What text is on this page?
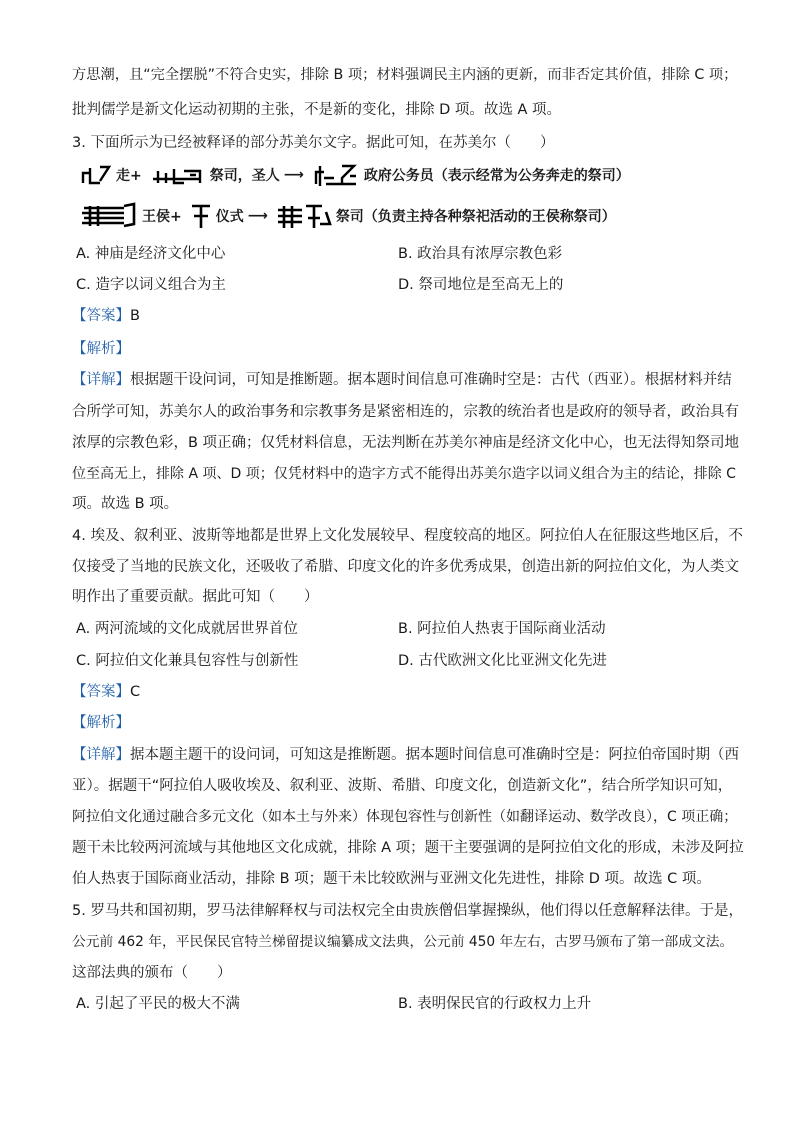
方思潮，且“完全摆脱”不符合史实，排除 B 项；材料强调民主内涵的更新，而非否定其价值，排除 C 项；
批判儒学是新文化运动初期的主张，不是新的变化，排除 D 项。故选 A 项。
3. 下面所示为已经被释译的部分苏美尔文字。据此可知，在苏美尔（　　）
走+	祭司，圣人 ⟶	政府公务员（表示经常为公务奔走的祭司）
王侯+ 仪式 ⟶	祭司（负责主持各种祭祀活动的王侯称祭司）
A. 神庙是经济文化中心	B. 政治具有浓厚宗教色彩
C. 造字以词义组合为主	D. 祭司地位是至高无上的
【答案】B
【解析】
【详解】根据题干设问词，可知是推断题。据本题时间信息可准确时空是：古代（西亚）。根据材料并结
合所学可知，苏美尔人的政治事务和宗教事务是紧密相连的，宗教的统治者也是政府的领导者，政治具有
浓厚的宗教色彩，B 项正确；仅凭材料信息，无法判断在苏美尔神庙是经济文化中心，也无法得知祭司地
位至高无上，排除 A 项、D 项；仅凭材料中的造字方式不能得出苏美尔造字以词义组合为主的结论，排除 C
项。故选 B 项。
4. 埃及、叙利亚、波斯等地都是世界上文化发展较早、程度较高的地区。阿拉伯人在征服这些地区后，不
仅接受了当地的民族文化，还吸收了希腊、印度文化的许多优秀成果，创造出新的阿拉伯文化，为人类文
明作出了重要贡献。据此可知（　　）
A. 两河流域的文化成就居世界首位	B. 阿拉伯人热衷于国际商业活动
C. 阿拉伯文化兼具包容性与创新性	D. 古代欧洲文化比亚洲文化先进
【答案】C
【解析】
【详解】据本题主题干的设问词，可知这是推断题。据本题时间信息可准确时空是：阿拉伯帝国时期（西
亚）。据题干“阿拉伯人吸收埃及、叙利亚、波斯、希腊、印度文化，创造新文化”，结合所学知识可知，
阿拉伯文化通过融合多元文化（如本土与外来）体现包容性与创新性（如翻译运动、数学改良），C 项正确；
题干未比较两河流域与其他地区文化成就，排除 A 项；题干主要强调的是阿拉伯文化的形成，未涉及阿拉
伯人热衷于国际商业活动，排除 B 项；题干未比较欧洲与亚洲文化先进性，排除 D 项。故选 C 项。
5. 罗马共和国初期，罗马法律解释权与司法权完全由贵族僧侣掌握操纵，他们得以任意解释法律。于是，
公元前 462 年，平民保民官特兰梯留提议编纂成文法典，公元前 450 年左右，古罗马颁布了第一部成文法。
这部法典的颁布（　　）
A. 引起了平民的极大不满	B. 表明保民官的行政权力上升
